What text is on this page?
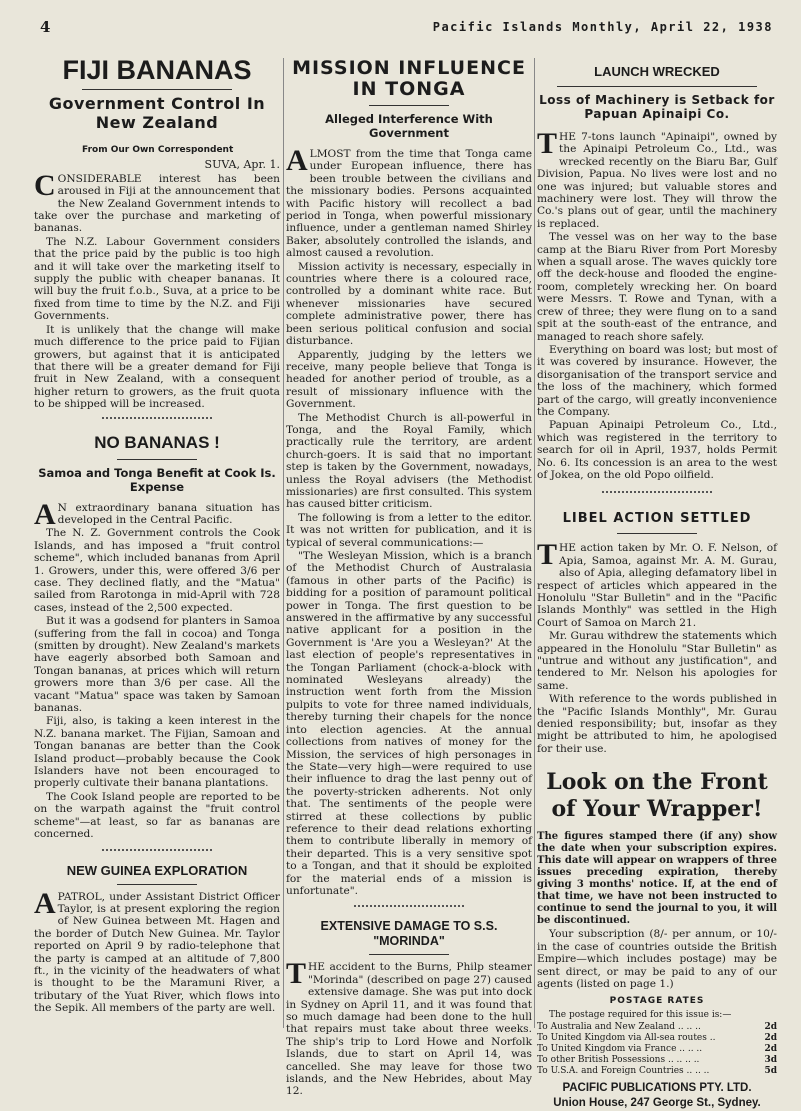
4	Pacific Islands Monthly, April 22, 1938
FIJI BANANAS
Government Control In New Zealand
From Our Own Correspondent
SUVA, Apr. 1.

CONSIDERABLE interest has been aroused in Fiji at the announcement that the New Zealand Government intends to take over the purchase and marketing of bananas.

The N.Z. Labour Government considers that the price paid by the public is too high and it will take over the marketing itself to supply the public with cheaper bananas. It will buy the fruit f.o.b., Suva, at a price to be fixed from time to time by the N.Z. and Fiji Governments.

It is unlikely that the change will make much difference to the price paid to Fijian growers, but against that it is anticipated that there will be a greater demand for Fiji fruit in New Zealand, with a consequent higher return to growers, as the fruit quota to be shipped will be increased.

NO BANANAS !
Samoa and Tonga Benefit at Cook Is. Expense

A N extraordinary banana situation has developed in the Central Pacific.

The N. Z. Government controls the Cook Islands, and has imposed a "fruit control scheme", which included bananas from April 1. Growers, under this, were offered 3/6 per case. They declined flatly, and the "Matua" sailed from Rarotonga in mid-April with 728 cases, instead of the 2,500 expected.

But it was a godsend for planters in Samoa (suffering from the fall in cocoa) and Tonga (smitten by drought). New Zealand's markets have eagerly absorbed both Samoan and Tongan bananas, at prices which will return growers more than 3/6 per case. All the vacant "Matua" space was taken by Samoan bananas.

Fiji, also, is taking a keen interest in the N.Z. banana market. The Fijian, Samoan and Tongan bananas are better than the Cook Island product—probably because the Cook Islanders have not been encouraged to properly cultivate their banana plantations.

The Cook Island people are reported to be on the warpath against the "fruit control scheme"—at least, so far as bananas are concerned.

NEW GUINEA EXPLORATION

A PATROL, under Assistant District Officer Taylor, is at present exploring the region of New Guinea between Mt. Hagen and the border of Dutch New Guinea. Mr. Taylor reported on April 9 by radio-telephone that the party is camped at an altitude of 7,800 ft., in the vicinity of the headwaters of what is thought to be the Maramuni River, a tributary of the Yuat River, which flows into the Sepik. All members of the party are well.

MISSION INFLUENCE IN TONGA
Alleged Interference With Government

ALMOST from the time that Tonga came under European influence, there has been trouble between the civilians and the missionary bodies. Persons acquainted with Pacific history will recollect a bad period in Tonga, when powerful missionary influence, under a gentleman named Shirley Baker, absolutely controlled the islands, and almost caused a revolution.

Mission activity is necessary, especially in countries where there is a coloured race, controlled by a dominant white race. But whenever missionaries have secured complete administrative power, there has been serious political confusion and social disturbance.

Apparently, judging by the letters we receive, many people believe that Tonga is headed for another period of trouble, as a result of missionary influence with the Government.

The Methodist Church is all-powerful in Tonga, and the Royal Family, which practically rule the territory, are ardent church-goers. It is said that no important step is taken by the Government, nowadays, unless the Royal advisers (the Methodist missionaries) are first consulted. This system has caused bitter criticism.

The following is from a letter to the editor. It was not written for publication, and it is typical of several communications:—

"The Wesleyan Mission, which is a branch of the Methodist Church of Australasia (famous in other parts of the Pacific) is bidding for a position of paramount political power in Tonga. The first question to be answered in the affirmative by any successful native applicant for a position in the Government is 'Are you a Wesleyan?' At the last election of people's representatives in the Tongan Parliament (chock-a-block with nominated Wesleyans already) the instruction went forth from the Mission pulpits to vote for three named individuals, thereby turning their chapels for the nonce into election agencies. At the annual collections from natives of money for the Mission, the services of high personages in the State—very high—were required to use their influence to drag the last penny out of the poverty-stricken adherents. Not only that. The sentiments of the people were stirred at these collections by public reference to their dead relations exhorting them to contribute liberally in memory of their departed. This is a very sensitive spot to a Tongan, and that it should be exploited for the material ends of a mission is unfortunate".

EXTENSIVE DAMAGE TO S.S. "MORINDA"

THE accident to the Burns, Philp steamer "Morinda" (described on page 27) caused extensive damage. She was put into dock in Sydney on April 11, and it was found that so much damage had been done to the hull that repairs must take about three weeks. The ship's trip to Lord Howe and Norfolk Islands, due to start on April 14, was cancelled. She may leave for those two islands, and the New Hebrides, about May 12.

LAUNCH WRECKED
Loss of Machinery is Setback for Papuan Apinaipi Co.

THE 7-tons launch "Apinaipi", owned by the Apinaipi Petroleum Co., Ltd., was wrecked recently on the Biaru Bar, Gulf Division, Papua. No lives were lost and no one was injured; but valuable stores and machinery were lost. They will throw the Co.'s plans out of gear, until the machinery is replaced.

The vessel was on her way to the base camp at the Biaru River from Port Moresby when a squall arose. The waves quickly tore off the deck-house and flooded the engine-room, completely wrecking her. On board were Messrs. T. Rowe and Tynan, with a crew of three; they were flung on to a sand spit at the south-east of the entrance, and managed to reach shore safely.

Everything on board was lost; but most of it was covered by insurance. However, the disorganisation of the transport service and the loss of the machinery, which formed part of the cargo, will greatly inconvenience the Company.

Papuan Apinaipi Petroleum Co., Ltd., which was registered in the territory to search for oil in April, 1937, holds Permit No. 6. Its concession is an area to the west of Jokea, on the old Popo oilfield.

LIBEL ACTION SETTLED

THE action taken by Mr. O. F. Nelson, of Apia, Samoa, against Mr. A. M. Gurau, also of Apia, alleging defamatory libel in respect of articles which appeared in the Honolulu "Star Bulletin" and in the "Pacific Islands Monthly" was settled in the High Court of Samoa on March 21.

Mr. Gurau withdrew the statements which appeared in the Honolulu "Star Bulletin" as "untrue and without any justification", and tendered to Mr. Nelson his apologies for same.

With reference to the words published in the "Pacific Islands Monthly", Mr. Gurau denied responsibility; but, insofar as they might be attributed to him, he apologised for their use.

Look on the Front of Your Wrapper!

The figures stamped there (if any) show the date when your subscription expires. This date will appear on wrappers of three issues preceding expiration, thereby giving 3 months' notice. If, at the end of that time, we have not been instructed to continue to send the journal to you, it will be discontinued.

Your subscription (8/- per annum, or 10/- in the case of countries outside the British Empire—which includes postage) may be sent direct, or may be paid to any of our agents (listed on page 1.)

POSTAGE RATES

The postage required for this issue is:—

To Australia and New Zealand .. .. ..	2d
To United Kingdom via All-sea routes ..	2d
To United Kingdom via France .. .. ..	2d
To other British Possessions .. .. .. ..	3d
To U.S.A. and Foreign Countries .. .. ..	5d
PACIFIC PUBLICATIONS PTY. LTD.
Union House, 247 George St., Sydney.
